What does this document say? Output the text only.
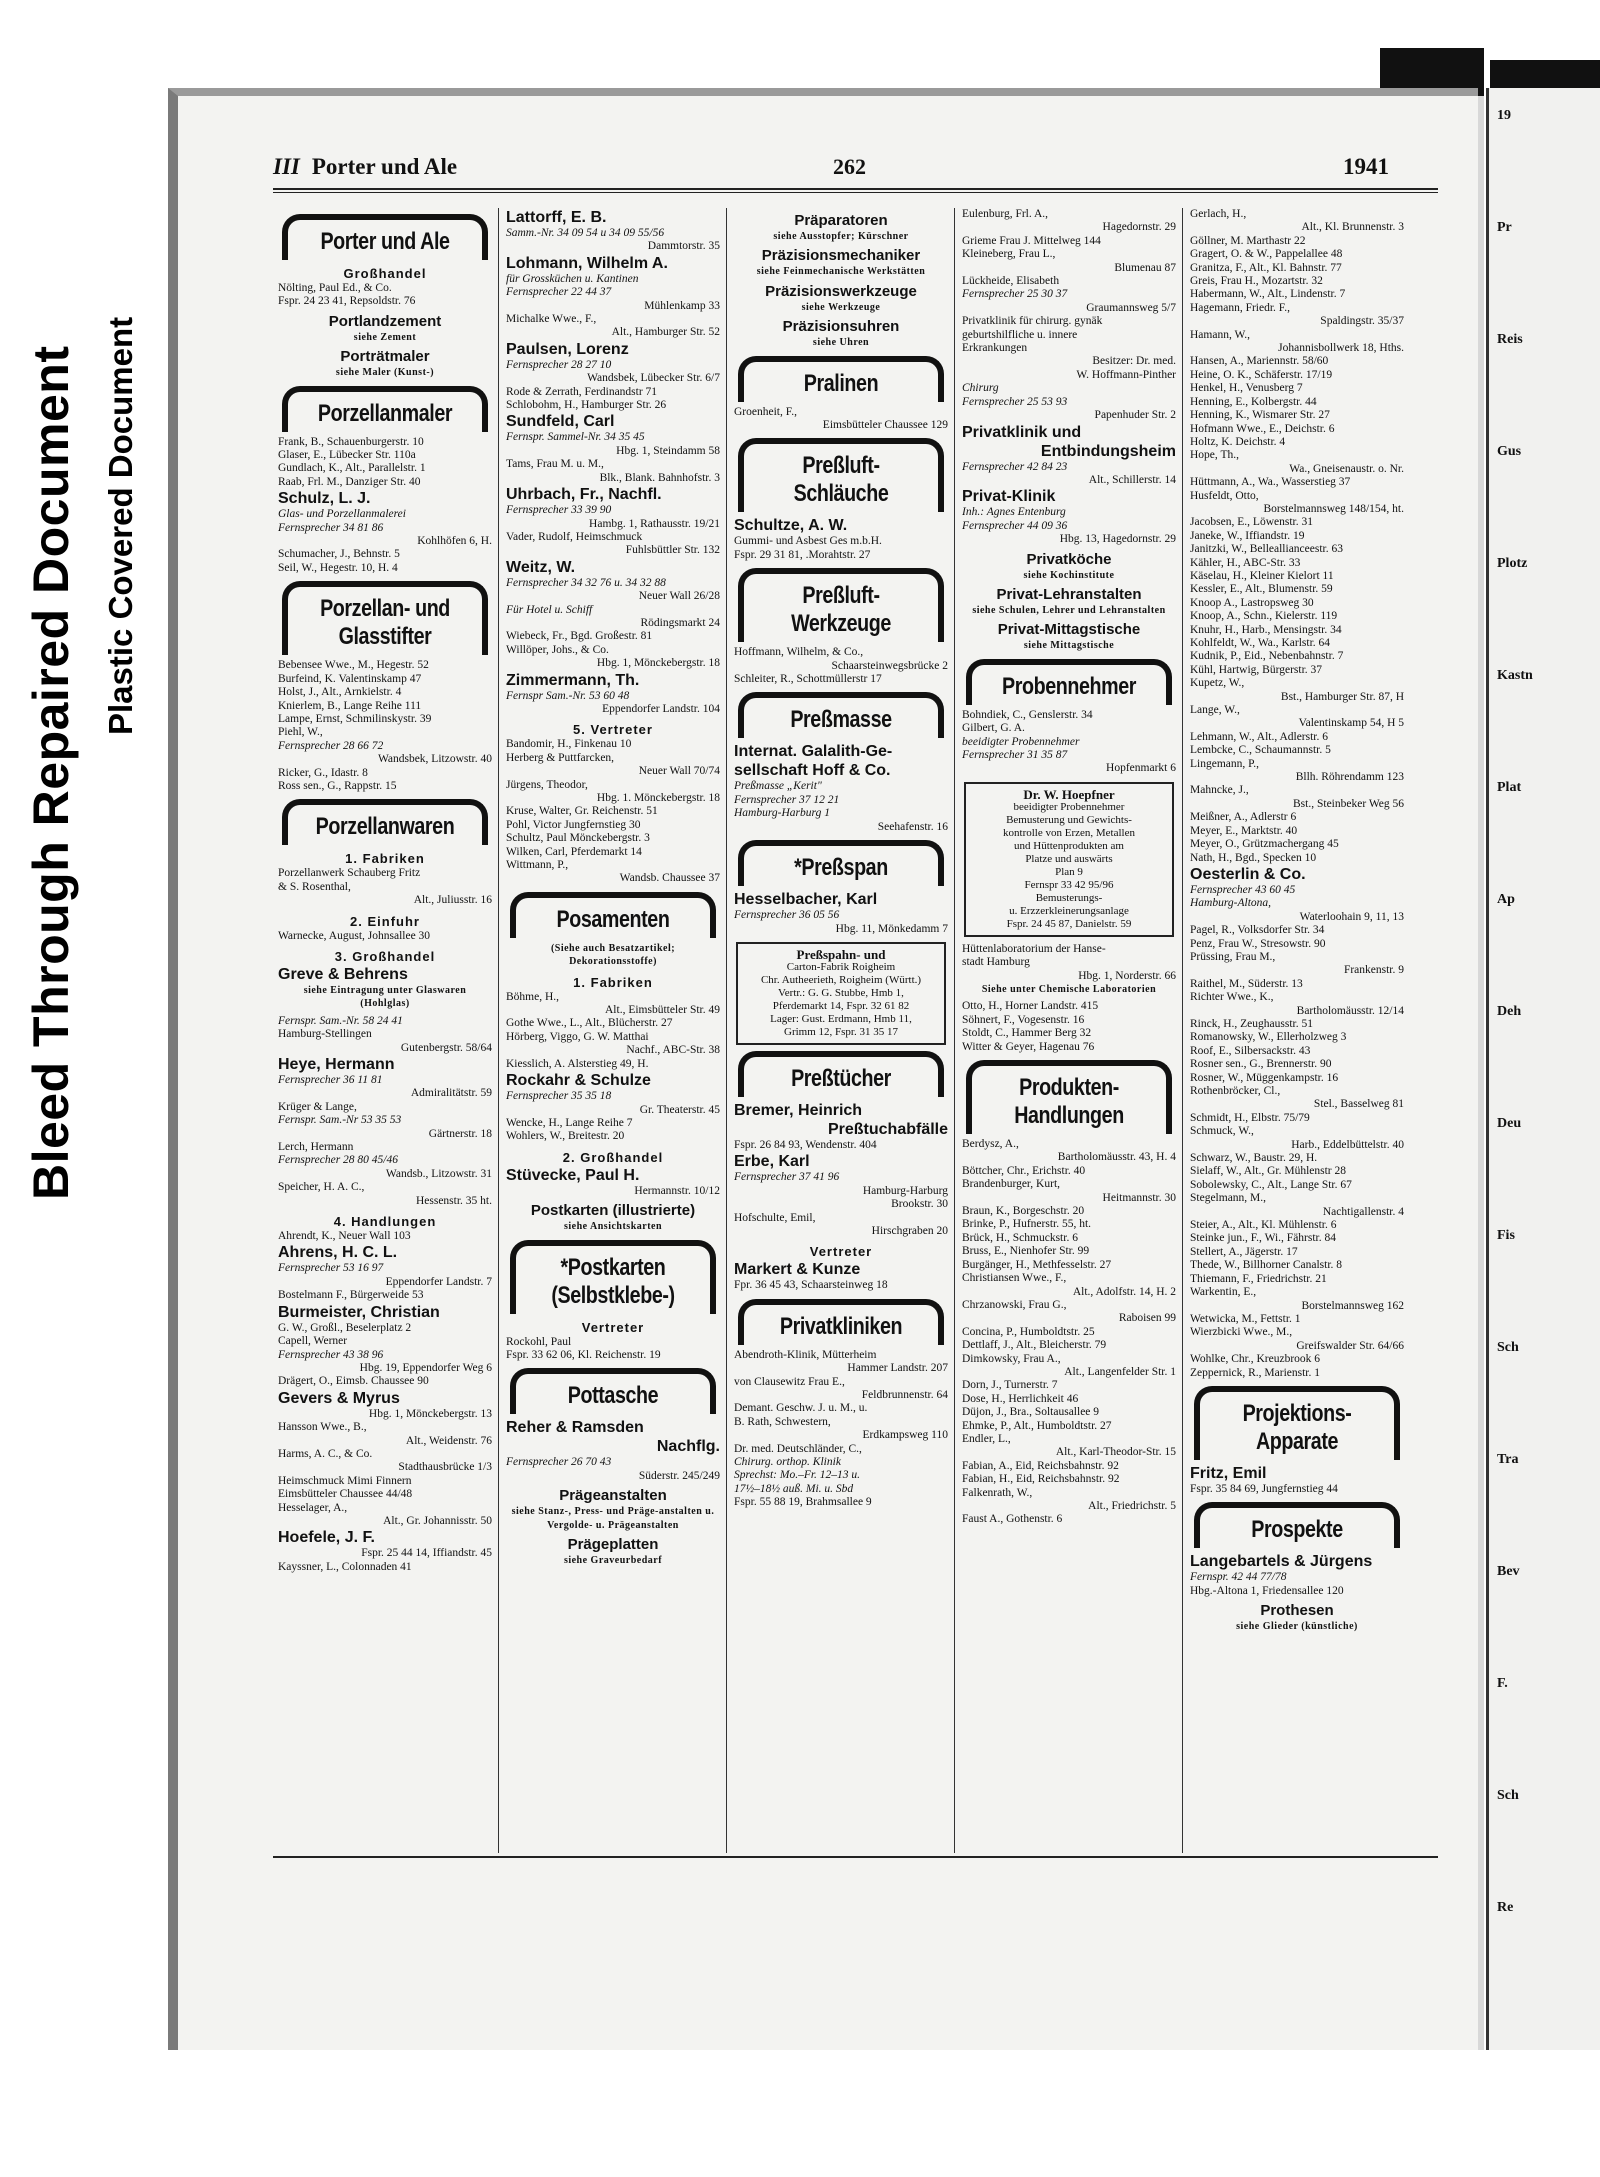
Bleed Through Repaired Document Plastic Covered Document
III Porter und Ale	262	1941
Porter und Ale
Großhandel
Nölting, Paul Ed., & Co.
Fspr. 24 23 41, Repsoldstr. 76
Portlandzement
siehe Zement
Porträtmaler
siehe Maler (Kunst-)
Porzellanmaler
Frank, B., Schauenburgerstr. 10
Glaser, E., Lübecker Str. 110a
Gundlach, K., Alt., Parallelstr. 1
Raab, Frl. M., Danziger Str. 40
Schulz, L. J.
Glas- und Porzellanmalerei
Fernsprecher 34 81 86
Kohlhöfen 6, H.
Schumacher, J., Behnstr. 5
Seil, W., Hegestr. 10, H. 4
Porzellan- und Glasstifter
Bebensee Wwe., M., Hegestr. 52
Burfeind, K. Valentinskamp 47
Holst, J., Alt., Arnkielstr. 4
Knierlem, B., Lange Reihe 111
Lampe, Ernst, Schmilinskystr. 39
Piehl, W.,
Fernsprecher 28 66 72
Wandsbek, Litzowstr. 40
Ricker, G., Idastr. 8
Ross sen., G., Rappstr. 15
Porzellanwaren
1. Fabriken
Porzellanwerk Schauberg Fritz
& S. Rosenthal,
Alt., Juliusstr. 16
2. Einfuhr
Warnecke, August, Johnsallee 30
3. Großhandel
Greve & Behrens
siehe Eintragung unter Glaswaren (Hohlglas)
Fernspr. Sam.-Nr. 58 24 41
Hamburg-Stellingen
Gutenbergstr. 58/64
Heye, Hermann
Fernsprecher 36 11 81
Admiralitätstr. 59
Krüger & Lange,
Fernspr. Sam.-Nr 53 35 53
Gärtnerstr. 18
Lerch, Hermann
Fernsprecher 28 80 45/46
Wandsb., Litzowstr. 31
Speicher, H. A. C.,
Hessenstr. 35 ht.
4. Handlungen
Ahrendt, K., Neuer Wall 103
Ahrens, H. C. L.
Fernsprecher 53 16 97
Eppendorfer Landstr. 7
Bostelmann F., Bürgerweide 53
Burmeister, Christian
G. W., Großl., Beselerplatz 2
Capell, Werner
Fernsprecher 43 38 96
Hbg. 19, Eppendorfer Weg 6
Drägert, O., Eimsb. Chaussee 90
Gevers & Myrus
Hbg. 1, Mönckebergstr. 13
Hansson Wwe., B.,
Alt., Weidenstr. 76
Harms, A. C., & Co.
Stadthausbrücke 1/3
Heimschmuck Mimi Finnern
Eimsbütteler Chaussee 44/48
Hesselager, A.,
Alt., Gr. Johannisstr. 50
Hoefele, J. F.
Fspr. 25 44 14, Iffiandstr. 45
Kayssner, L., Colonnaden 41
Lattorff, E. B.
Samm.-Nr. 34 09 54 u 34 09 55/56
Dammtorstr. 35
Lohmann, Wilhelm A.
für Grossküchen u. Kantinen
Fernsprecher 22 44 37
Mühlenkamp 33
Michalke Wwe., F.,
Alt., Hamburger Str. 52
Paulsen, Lorenz
Fernsprecher 28 27 10
Wandsbek, Lübecker Str. 6/7
Rode & Zerrath, Ferdinandstr 71
Schlobohm, H., Hamburger Str. 26
Sundfeld, Carl
Fernspr. Sammel-Nr. 34 35 45
Hbg. 1, Steindamm 58
Tams, Frau M. u. M.,
Blk., Blank. Bahnhofstr. 3
Uhrbach, Fr., Nachfl.
Fernsprecher 33 39 90
Hambg. 1, Rathausstr. 19/21
Vader, Rudolf, Heimschmuck
Fuhlsbüttler Str. 132
Weitz, W.
Fernsprecher 34 32 76 u. 34 32 88
Neuer Wall 26/28
Für Hotel u. Schiff
Rödingsmarkt 24
Wiebeck, Fr., Bgd. Großestr. 81
Willöper, Johs., & Co.
Hbg. 1, Mönckebergstr. 18
Zimmermann, Th.
Fernspr Sam.-Nr. 53 60 48
Eppendorfer Landstr. 104
5. Vertreter
Bandomir, H., Finkenau 10
Herberg & Puttfarcken,
Neuer Wall 70/74
Jürgens, Theodor,
Hbg. 1. Mönckebergstr. 18
Kruse, Walter, Gr. Reichenstr. 51
Pohl, Victor Jungfernstieg 30
Schultz, Paul Mönckebergstr. 3
Wilken, Carl, Pferdemarkt 14
Wittmann, P.,
Wandsb. Chaussee 37
Posamenten
(Siehe auch Besatzartikel; Dekorationsstoffe)
1. Fabriken
Böhme, H.,
Alt., Eimsbütteler Str. 49
Gothe Wwe., L., Alt., Blücherstr. 27
Hörberg, Viggo, G. W. Matthai
Nachf., ABC-Str. 38
Kiesslich, A. Alsterstieg 49, H.
Rockahr & Schulze
Fernsprecher 35 35 18
Gr. Theaterstr. 45
Wencke, H., Lange Reihe 7
Wohlers, W., Breitestr. 20
2. Großhandel
Stüvecke, Paul H.
Hermannstr. 10/12
Postkarten (illustrierte)
siehe Ansichtskarten
*Postkarten (Selbstklebe-)
Vertreter
Rockohl, Paul
Fspr. 33 62 06, Kl. Reichenstr. 19
Pottasche
Reher & Ramsden
Nachflg.
Fernsprecher 26 70 43
Süderstr. 245/249
Prägeanstalten
siehe Stanz-, Press- und Präge-anstalten u. Vergolde- u. Prägeanstalten
Prägeplatten
siehe Graveurbedarf
Präparatoren
siehe Ausstopfer; Kürschner
Präzisionsmechaniker
siehe Feinmechanische Werkstätten
Präzisionswerkzeuge
siehe Werkzeuge
Präzisionsuhren
siehe Uhren
Pralinen
Groenheit, F.,
Eimsbütteler Chaussee 129
Preßluft- Schläuche
Schultze, A. W.
Gummi- und Asbest Ges m.b.H.
Fspr. 29 31 81, .Morahtstr. 27
Preßluft- Werkzeuge
Hoffmann, Wilhelm, & Co.,
Schaarsteinwegsbrücke 2
Schleiter, R., Schottmüllerstr 17
Preßmasse
Internat. Galalith-Ge-
sellschaft Hoff & Co.
Preßmasse „Kerit"
Fernsprecher 37 12 21
Hamburg-Harburg 1
Seehafenstr. 16
*Preßspan
Hesselbacher, Karl
Fernsprecher 36 05 56
Hbg. 11, Mönkedamm 7
Preßspahn- und
Carton-Fabrik Roigheim
Chr. Autheerieth, Roigheim (Württ.)
Vertr.: G. G. Stubbe, Hmb 1,
Pferdemarkt 14, Fspr. 32 61 82
Lager: Gust. Erdmann, Hmb 11,
Grimm 12, Fspr. 31 35 17
Preßtücher
Bremer, Heinrich
Preßtuchabfälle
Fspr. 26 84 93, Wendenstr. 404
Erbe, Karl
Fernsprecher 37 41 96
Hamburg-Harburg
Brookstr. 30
Hofschulte, Emil,
Hirschgraben 20
Vertreter
Markert & Kunze
Fpr. 36 45 43, Schaarsteinweg 18
Privatkliniken
Abendroth-Klinik, Mütterheim
Hammer Landstr. 207
von Clausewitz Frau E.,
Feldbrunnenstr. 64
Demant. Geschw. J. u. M., u.
B. Rath, Schwestern,
Erdkampsweg 110
Dr. med. Deutschländer, C.,
Chirurg. orthop. Klinik
Sprechst: Mo.–Fr. 12–13 u.
17½–18½ auß. Mi. u. Sbd
Fspr. 55 88 19, Brahmsallee 9
Eulenburg, Frl. A.,
Hagedornstr. 29
Grieme Frau J. Mittelweg 144
Kleineberg, Frau L.,
Blumenau 87
Lückheide, Elisabeth
Fernsprecher 25 30 37
Graumannsweg 5/7
Privatklinik für chirurg. gynäk
geburtshilfliche u. innere
Erkrankungen
Besitzer: Dr. med.
W. Hoffmann-Pinther
Chirurg
Fernsprecher 25 53 93
Papenhuder Str. 2
Privatklinik und
Entbindungsheim
Fernsprecher 42 84 23
Alt., Schillerstr. 14
Privat-Klinik
Inh.: Agnes Entenburg
Fernsprecher 44 09 36
Hbg. 13, Hagedornstr. 29
Privatköche
siehe Kochinstitute
Privat-Lehranstalten
siehe Schulen, Lehrer und Lehranstalten
Privat-Mittagstische
siehe Mittagstische
Probennehmer
Bohndiek, C., Genslerstr. 34
Gilbert, G. A.
beeidigter Probennehmer
Fernsprecher 31 35 87
Hopfenmarkt 6
Dr. W. Hoepfner
beeidigter Probennehmer
Bemusterung und Gewichts-
kontrolle von Erzen, Metallen
und Hüttenprodukten am
Platze und auswärts
Plan 9
Fernspr 33 42 95/96
Bemusterungs-
u. Erzzerkleinerungsanlage
Fspr. 24 45 87, Danielstr. 59
Hüttenlaboratorium der Hanse-
stadt Hamburg
Hbg. 1, Norderstr. 66
Siehe unter Chemische Laboratorien
Otto, H., Horner Landstr. 415
Söhnert, F., Vogesenstr. 16
Stoldt, C., Hammer Berg 32
Witter & Geyer, Hagenau 76
Produkten- Handlungen
Berdysz, A.,
Bartholomäusstr. 43, H. 4
Böttcher, Chr., Erichstr. 40
Brandenburger, Kurt,
Heitmannstr. 30
Braun, K., Borgeschstr. 20
Brinke, P., Hufnerstr. 55, ht.
Brück, H., Schmuckstr. 6
Bruss, E., Nienhofer Str. 99
Burgänger, H., Methfesselstr. 27
Christiansen Wwe., F.,
Alt., Adolfstr. 14, H. 2
Chrzanowski, Frau G.,
Raboisen 99
Concina, P., Humboldtstr. 25
Dettlaff, J., Alt., Bleicherstr. 79
Dimkowsky, Frau A.,
Alt., Langenfelder Str. 1
Dorn, J., Turnerstr. 7
Dose, H., Herrlichkeit 46
Düjon, J., Bra., Soltausallee 9
Ehmke, P., Alt., Humboldtstr. 27
Endler, L.,
Alt., Karl-Theodor-Str. 15
Fabian, A., Eid, Reichsbahnstr. 92
Fabian, H., Eid, Reichsbahnstr. 92
Falkenrath, W.,
Alt., Friedrichstr. 5
Faust A., Gothenstr. 6
Gerlach, H.,
Alt., Kl. Brunnenstr. 3
Göllner, M. Marthastr 22
Gragert, O. & W., Pappelallee 48
Granitza, F., Alt., Kl. Bahnstr. 77
Greis, Frau H., Mozartstr. 32
Habermann, W., Alt., Lindenstr. 7
Hagemann, Friedr. F.,
Spaldingstr. 35/37
Hamann, W.,
Johannisbollwerk 18, Hths.
Hansen, A., Mariennstr. 58/60
Heine, O. K., Schäferstr. 17/19
Henkel, H., Venusberg 7
Henning, E., Kolbergstr. 44
Henning, K., Wismarer Str. 27
Hofmann Wwe., E., Deichstr. 6
Holtz, K. Deichstr. 4
Hope, Th.,
Wa., Gneisenaustr. o. Nr.
Hüttmann, A., Wa., Wasserstieg 37
Husfeldt, Otto,
Borstelmannsweg 148/154, ht.
Jacobsen, E., Löwenstr. 31
Janeke, W., Iffiandstr. 19
Janitzki, W., Belleallianceestr. 63
Kähler, H., ABC-Str. 33
Käselau, H., Kleiner Kielort 11
Kessler, E., Alt., Blumenstr. 59
Knoop A., Lastropsweg 30
Knoop, A., Schn., Kielerstr. 119
Knuhr, H., Harb., Mensingstr. 34
Kohlfeldt, W., Wa., Karlstr. 64
Kudnik, P., Eid., Nebenbahnstr. 7
Kühl, Hartwig, Bürgerstr. 37
Kupetz, W.,
Bst., Hamburger Str. 87, H
Lange, W.,
Valentinskamp 54, H 5
Lehmann, W., Alt., Adlerstr. 6
Lembcke, C., Schaumannstr. 5
Lingemann, P.,
Bllh. Röhrendamm 123
Mahncke, J.,
Bst., Steinbeker Weg 56
Meißner, A., Adlerstr 6
Meyer, E., Marktstr. 40
Meyer, O., Grützmachergang 45
Nath, H., Bgd., Specken 10
Oesterlin & Co.
Fernsprecher 43 60 45
Hamburg-Altona,
Waterloohain 9, 11, 13
Pagel, R., Volksdorfer Str. 34
Penz, Frau W., Stresowstr. 90
Prüssing, Frau M.,
Frankenstr. 9
Raithel, M., Süderstr. 13
Richter Wwe., K.,
Bartholomäusstr. 12/14
Rinck, H., Zeughausstr. 51
Romanowsky, W., Ellerholzweg 3
Roof, E., Silbersackstr. 43
Rosner sen., G., Brennerstr. 90
Rosner, W., Müggenkampstr. 16
Rothenbröcker, Cl.,
Stel., Basselweg 81
Schmidt, H., Elbstr. 75/79
Schmuck, W.,
Harb., Eddelbüttelstr. 40
Schwarz, W., Baustr. 29, H.
Sielaff, W., Alt., Gr. Mühlenstr 28
Sobolewsky, C., Alt., Lange Str. 67
Stegelmann, M.,
Nachtigallenstr. 4
Steier, A., Alt., Kl. Mühlenstr. 6
Steinke jun., F., Wi., Fährstr. 84
Stellert, A., Jägerstr. 17
Thede, W., Billhorner Canalstr. 8
Thiemann, F., Friedrichstr. 21
Warkentin, E.,
Borstelmannsweg 162
Wetwicka, M., Fettstr. 1
Wierzbicki Wwe., M.,
Greifswalder Str. 64/66
Wohlke, Chr., Kreuzbrook 6
Zeppernick, R., Marienstr. 1
Projektions- Apparate
Fritz, Emil
Fspr. 35 84 69, Jungfernstieg 44
Prospekte
Langebartels & Jürgens
Fernspr. 42 44 77/78
Hbg.-Altona 1, Friedensallee 120
Prothesen
siehe Glieder (künstliche)
19
Pr
Reis
Gus
Plotz
Kastn
Plat
Ap
Deh
Deu
Fis
Sch
Tra
Bev
F.
Sch
Re
